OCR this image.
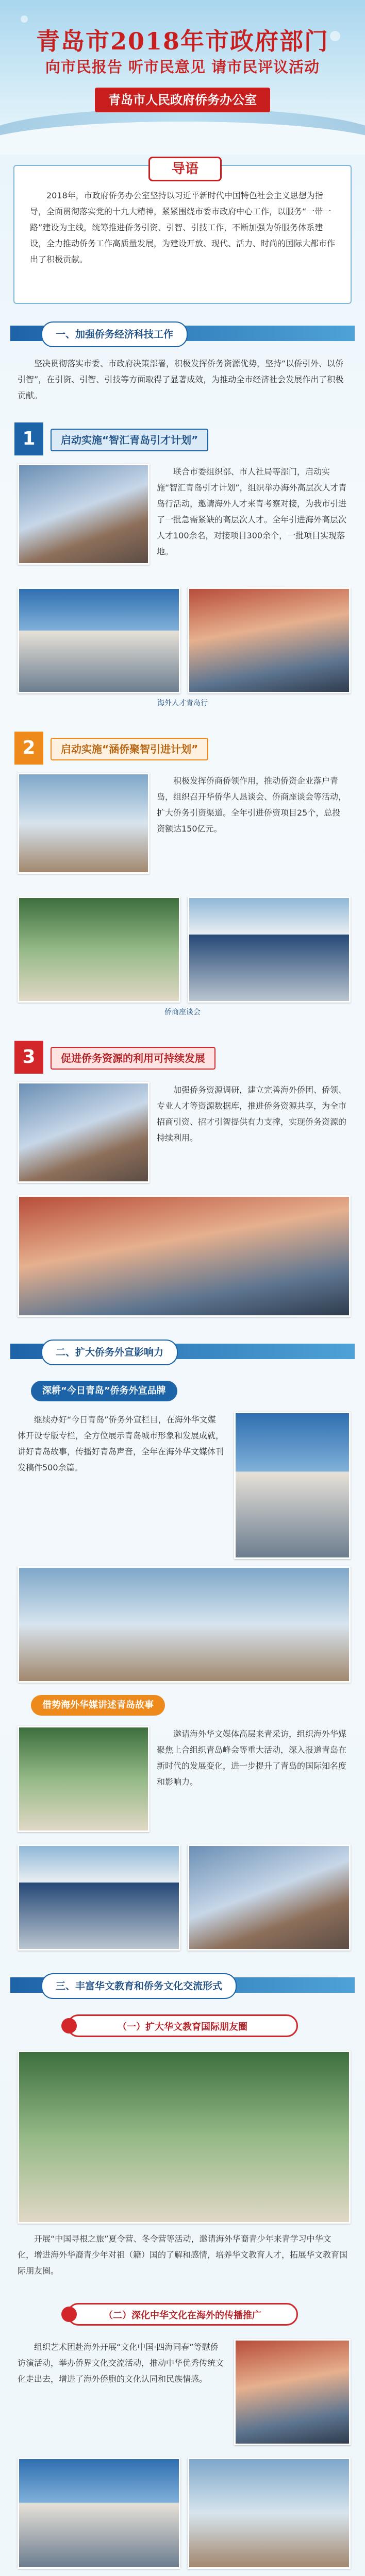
青岛市2018年市政府部门
向市民报告 听市民意见 请市民评议活动
青岛市人民政府侨务办公室
导语
2018年，市政府侨务办公室坚持以习近平新时代中国特色社会主义思想为指导，全面贯彻落实党的十九大精神，紧紧围绕市委市政府中心工作，以服务“一带一路”建设为主线，统筹推进侨务引资、引智、引技工作，不断加强为侨服务体系建设，全力推动侨务工作高质量发展，为建设开放、现代、活力、时尚的国际大都市作出了积极贡献。
一、加强侨务经济科技工作
坚决贯彻落实市委、市政府决策部署，积极发挥侨务资源优势，坚持“以侨引外、以侨引智”，在引资、引智、引技等方面取得了显著成效，为推动全市经济社会发展作出了积极贡献。
1	启动实施“智汇青岛引才计划”
联合市委组织部、市人社局等部门，启动实施“智汇青岛引才计划”，组织举办海外高层次人才青岛行活动，邀请海外人才来青考察对接，为我市引进了一批急需紧缺的高层次人才。全年引进海外高层次人才100余名，对接项目300余个，一批项目实现落地。
海外人才青岛行
2	启动实施“涵侨聚智引进计划”
积极发挥侨商侨领作用，推动侨资企业落户青岛，组织召开华侨华人恳谈会、侨商座谈会等活动，扩大侨务引资渠道。全年引进侨资项目25个，总投资额达150亿元。
侨商座谈会
3	促进侨务资源的利用可持续发展
加强侨务资源调研，建立完善海外侨团、侨领、专业人才等资源数据库，推进侨务资源共享，为全市招商引资、招才引智提供有力支撑，实现侨务资源的持续利用。
二、扩大侨务外宣影响力
深耕“今日青岛”侨务外宣品牌
继续办好“今日青岛”侨务外宣栏目，在海外华文媒体开设专版专栏，全方位展示青岛城市形象和发展成就，讲好青岛故事，传播好青岛声音，全年在海外华文媒体刊发稿件500余篇。
借势海外华媒讲述青岛故事
邀请海外华文媒体高层来青采访，组织海外华媒聚焦上合组织青岛峰会等重大活动，深入报道青岛在新时代的发展变化，进一步提升了青岛的国际知名度和影响力。
三、丰富华文教育和侨务文化交流形式
（一）扩大华文教育国际朋友圈
开展“中国寻根之旅”夏令营、冬令营等活动，邀请海外华裔青少年来青学习中华文化，增进海外华裔青少年对祖（籍）国的了解和感情，培养华文教育人才，拓展华文教育国际朋友圈。
（二）深化中华文化在海外的传播推广
组织艺术团赴海外开展“文化中国·四海同春”等慰侨访演活动，举办侨界文化交流活动，推动中华优秀传统文化走出去，增进了海外侨胞的文化认同和民族情感。
